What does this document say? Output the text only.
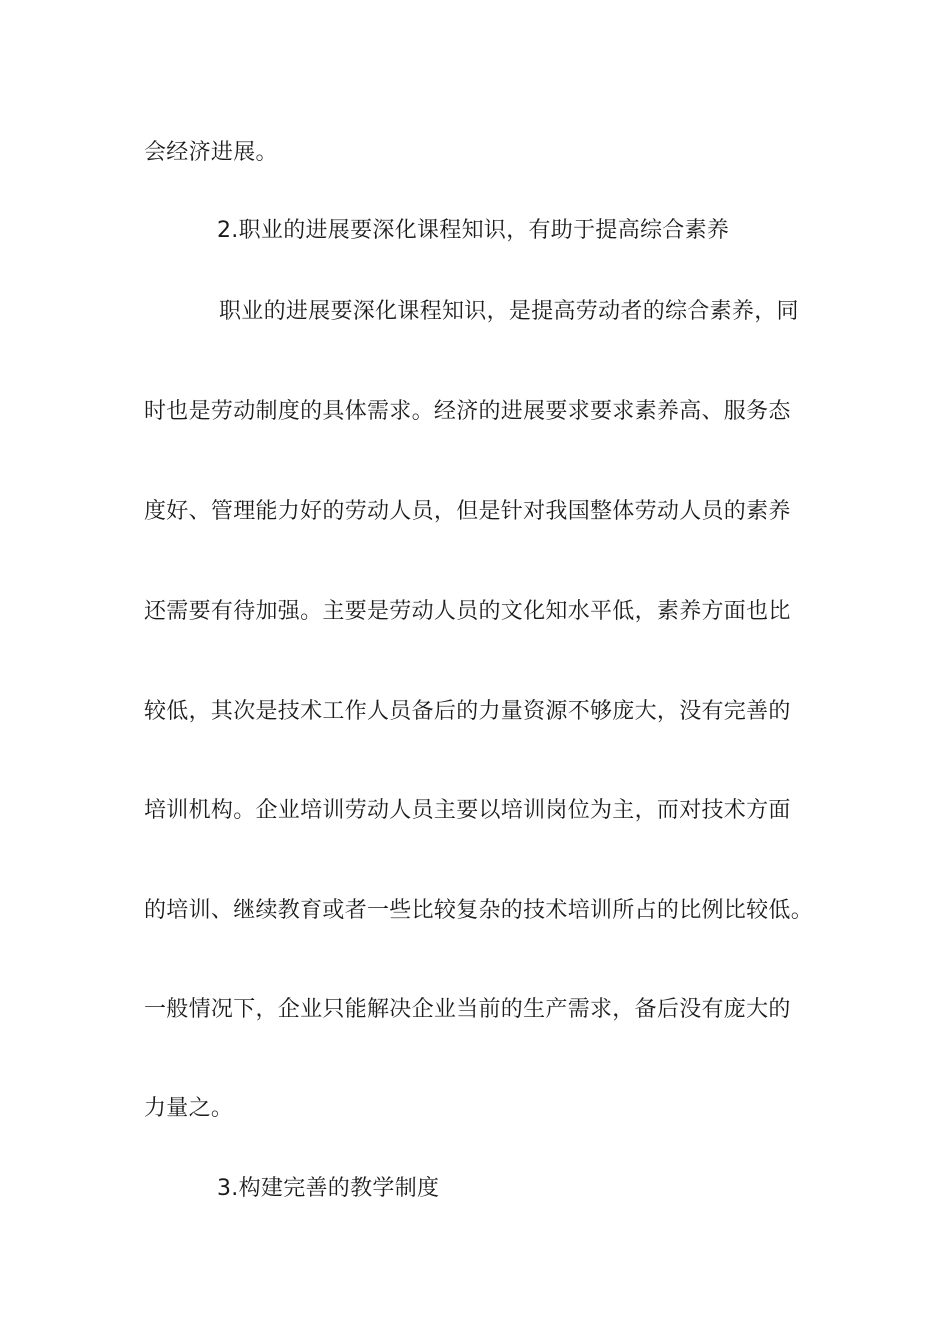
会经济进展。
2.职业的进展要深化课程知识，有助于提高综合素养
职业的进展要深化课程知识，是提高劳动者的综合素养，同
时也是劳动制度的具体需求。经济的进展要求要求素养高、服务态
度好、管理能力好的劳动人员，但是针对我国整体劳动人员的素养
还需要有待加强。主要是劳动人员的文化知水平低，素养方面也比
较低，其次是技术工作人员备后的力量资源不够庞大，没有完善的
培训机构。企业培训劳动人员主要以培训岗位为主，而对技术方面
的培训、继续教育或者一些比较复杂的技术培训所占的比例比较低。
一般情况下，企业只能解决企业当前的生产需求，备后没有庞大的
力量之。
3.构建完善的教学制度
